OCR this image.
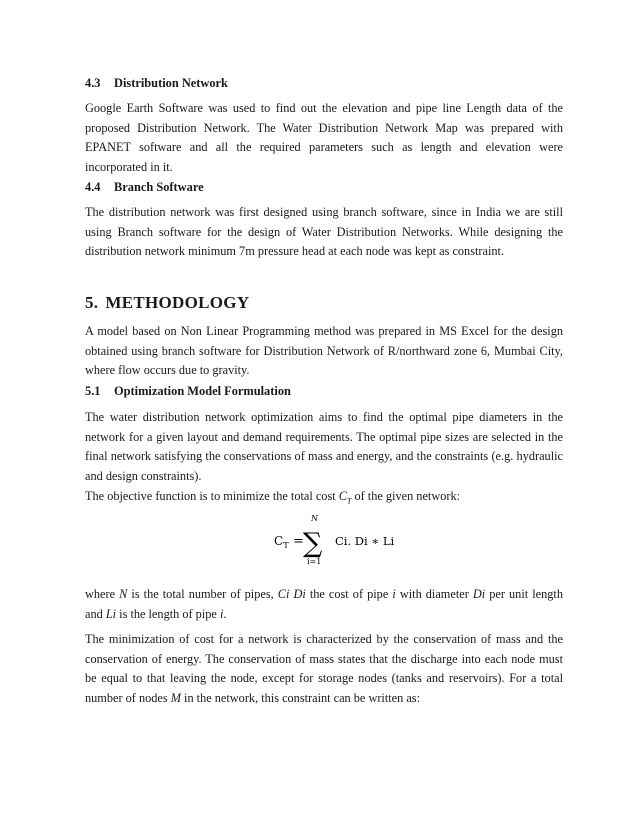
4.3 Distribution Network

Google Earth Software was used to find out the elevation and pipe line Length data of the proposed Distribution Network. The Water Distribution Network Map was prepared with EPANET software and all the required parameters such as length and elevation were incorporated in it.

4.4 Branch Software

The distribution network was first designed using branch software, since in India we are still using Branch software for the design of Water Distribution Networks. While designing the distribution network minimum 7m pressure head at each node was kept as constraint.

5. METHODOLOGY

A model based on Non Linear Programming method was prepared in MS Excel for the design obtained using branch software for Distribution Network of R/northward zone 6, Mumbai City, where flow occurs due to gravity.

5.1 Optimization Model Formulation

The water distribution network optimization aims to find the optimal pipe diameters in the network for a given layout and demand requirements. The optimal pipe sizes are selected in the final network satisfying the conservations of mass and energy, and the constraints (e.g. hydraulic and design constraints).

The objective function is to minimize the total cost $C_T$ of the given network:

$C_T$ =
N
∑
i=1
Ci. Di ∗ Li

where N is the total number of pipes, Ci Di the cost of pipe i with diameter Di per unit length and Li is the length of pipe i.

The minimization of cost for a network is characterized by the conservation of mass and the conservation of energy. The conservation of mass states that the discharge into each node must be equal to that leaving the node, except for storage nodes (tanks and reservoirs). For a total number of nodes M in the network, this constraint can be written as:
